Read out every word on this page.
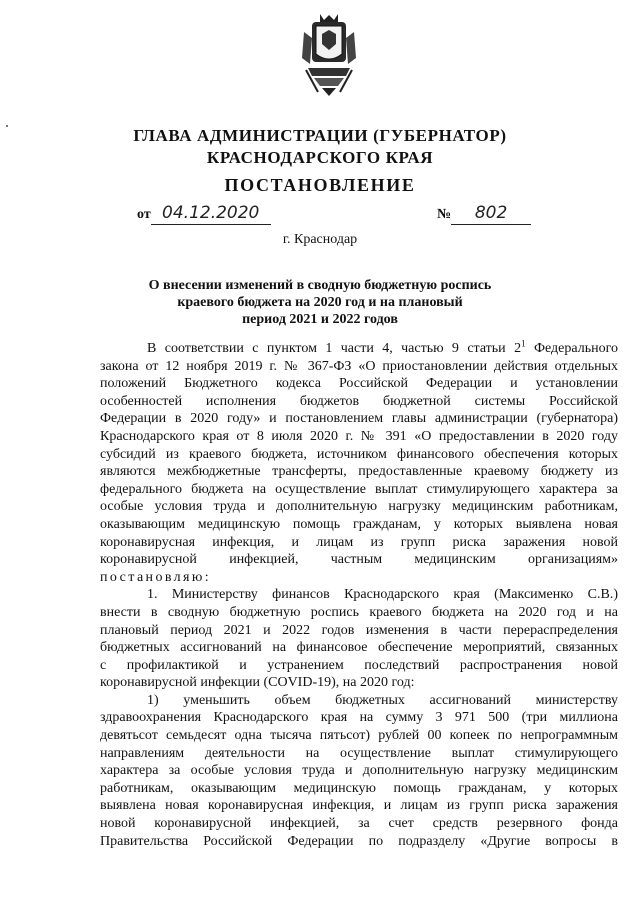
ГЛАВА АДМИНИСТРАЦИИ (ГУБЕРНАТОР)
КРАСНОДАРСКОГО КРАЯ
ПОСТАНОВЛЕНИЕ
от 04.12.2020	№ 802
г. Краснодар
О внесении изменений в сводную бюджетную роспись
краевого бюджета на 2020 год и на плановый
период 2021 и 2022 годов
В соответствии с пунктом 1 части 4, частью 9 статьи $2^1$ Федерального
закона от 12 ноября 2019 г. № 367-ФЗ «О приостановлении действия отдельных
положений Бюджетного кодекса Российской Федерации и установлении
особенностей исполнения бюджетов бюджетной системы Российской
Федерации в 2020 году» и постановлением главы администрации (губернатора)
Краснодарского края от 8 июля 2020 г. № 391 «О предоставлении в 2020 году
субсидий из краевого бюджета, источником финансового обеспечения которых
являются межбюджетные трансферты, предоставленные краевому бюджету из
федерального бюджета на осуществление выплат стимулирующего характера за
особые условия труда и дополнительную нагрузку медицинским работникам,
оказывающим медицинскую помощь гражданам, у которых выявлена новая
коронавирусная инфекция, и лицам из групп риска заражения новой
коронавирусной инфекцией, частным медицинским организациям»
постановляю:
1. Министерству финансов Краснодарского края (Максименко С.В.)
внести в сводную бюджетную роспись краевого бюджета на 2020 год и на
плановый период 2021 и 2022 годов изменения в части перераспределения
бюджетных ассигнований на финансовое обеспечение мероприятий, связанных
с профилактикой и устранением последствий распространения новой
коронавирусной инфекции (COVID-19), на 2020 год:
1) уменьшить объем бюджетных ассигнований министерству
здравоохранения Краснодарского края на сумму 3 971 500 (три миллиона
девятьсот семьдесят одна тысяча пятьсот) рублей 00 копеек по непрограммным
направлениям деятельности на осуществление выплат стимулирующего
характера за особые условия труда и дополнительную нагрузку медицинским
работникам, оказывающим медицинскую помощь гражданам, у которых
выявлена новая коронавирусная инфекция, и лицам из групп риска заражения
новой коронавирусной инфекцией, за счет средств резервного фонда
Правительства Российской Федерации по подразделу «Другие вопросы в
